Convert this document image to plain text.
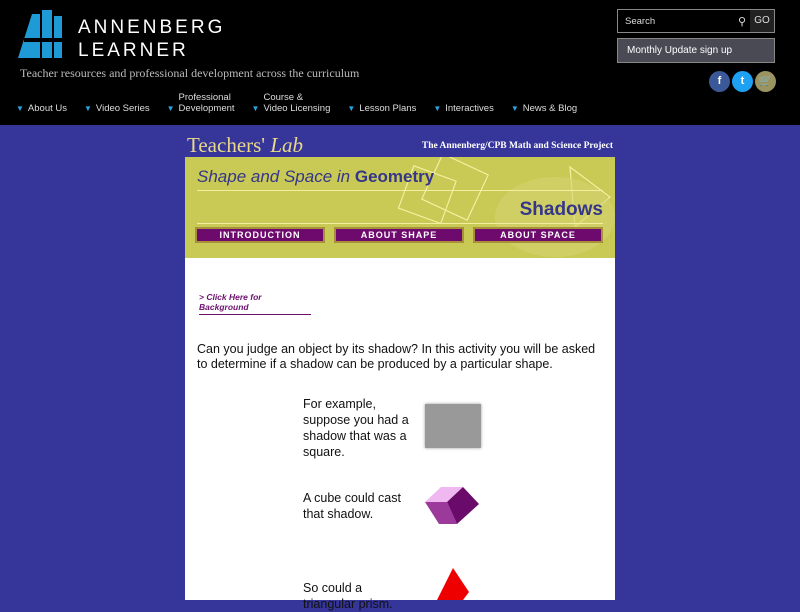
ANNENBERG
LEARNER
Teacher resources and professional development across the curriculum
▼ About Us ▼ Video Series ▼
Professional
Development ▼
Course &
Video Licensing ▼ Lesson Plans ▼ Interactives ▼ News & Blog
Search	⚲ GO
Monthly Update sign up
f	t	🛒
Teachers' Lab	The Annenberg/CPB Math and Science Project
Shape and Space in Geometry
Shadows
INTRODUCTION	ABOUT SHAPE	ABOUT SPACE
> Click Here for Background
Can you judge an object by its shadow? In this activity you will be asked to determine if a shadow can be produced by a particular shape.
For example, suppose you had a shadow that was a square.
A cube could cast that shadow.
So could a triangular prism.
